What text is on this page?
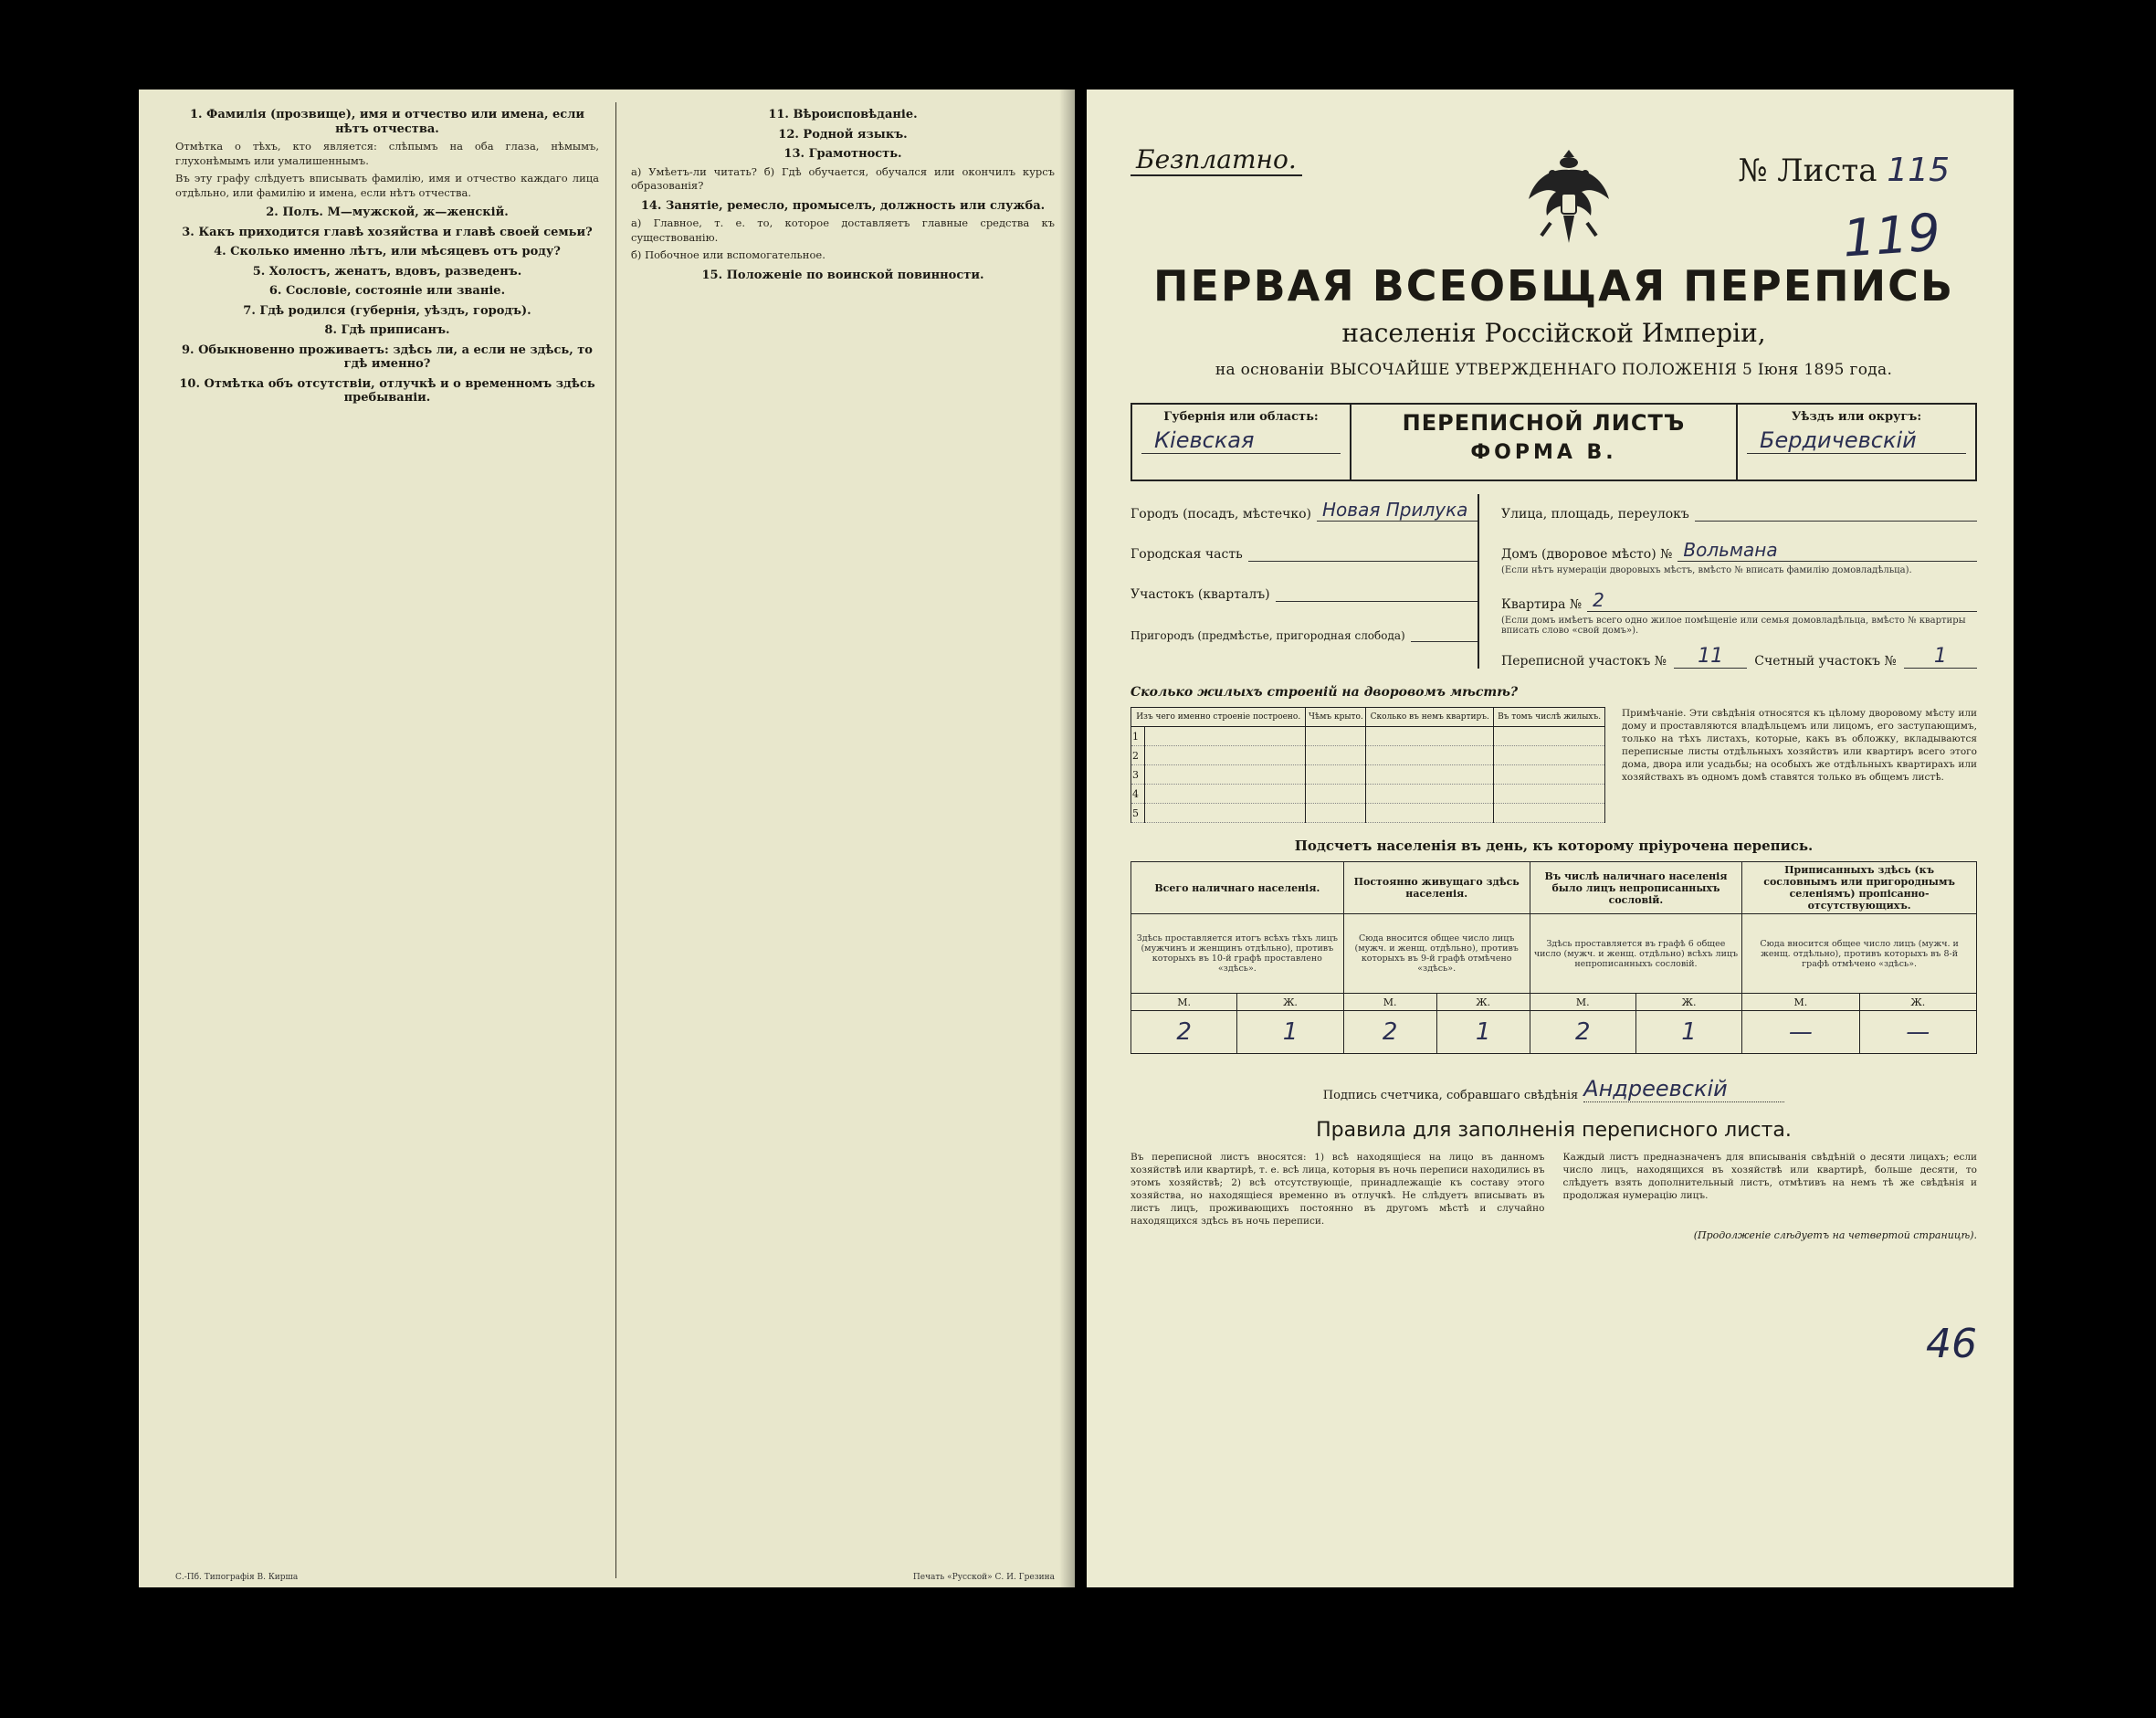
1. Фамилія (прозвище), имя и отчество или имена, если нѣтъ отчества.
Отмѣтка о тѣхъ, кто является: слѣпымъ на оба глаза, нѣмымъ, глухонѣмымъ или умалишеннымъ.
Въ эту графу слѣдуетъ вписывать фамилію, имя и отчество каждаго лица отдѣльно, или фамилію и имена, если нѣтъ отчества.
2. Полъ. М—мужской, ж—женскій.
3. Какъ приходится главѣ хозяйства и главѣ своей семьи?
4. Сколько именно лѣтъ, или мѣсяцевъ отъ роду?
5. Холостъ, женатъ, вдовъ, разведенъ.
6. Сословіе, состояніе или званіе.
7. Гдѣ родился (губернія, уѣздъ, городъ).
8. Гдѣ приписанъ.
9. Обыкновенно проживаетъ: здѣсь ли, а если не здѣсь, то гдѣ именно?
10. Отмѣтка объ отсутствіи, отлучкѣ и о временномъ здѣсь пребываніи.
11. Вѣроисповѣданіе.
12. Родной языкъ.
13. Грамотность.
а) Умѣетъ-ли читать? б) Гдѣ обучается, обучался или окончилъ курсъ образованія?
14. Занятіе, ремесло, промыселъ, должность или служба.
а) Главное, т. е. то, которое доставляетъ главные средства къ существованію.
б) Побочное или вспомогательное.
15. Положеніе по воинской повинности.
С.-Пб. Типографія В. Кирша	Печать «Русской» С. И. Грезина
Безплатно.	№ Листа 115
119
ПЕРВАЯ ВСЕОБЩАЯ ПЕРЕПИСЬ
населенія Россійской Имперіи,
на основаніи ВЫСОЧАЙШЕ УТВЕРЖДЕННАГО ПОЛОЖЕНІЯ 5 Іюня 1895 года.
Губернія или область:
Кіевская
ПЕРЕПИСНОЙ ЛИСТЪ
ФОРМА В.
Уѣздъ или округъ:
Бердичевскій
Городъ (посадъ, мѣстечко) Новая Прилука
Городская часть
Участокъ (кварталъ)
Пригородъ (предмѣстье, пригородная слобода)
Улица, площадь, переулокъ
Домъ (дворовое мѣсто) № Вольмана
(Если нѣтъ нумераціи дворовыхъ мѣстъ, вмѣсто № вписать фамилію домовладѣльца).
Квартира № 2
(Если домъ имѣетъ всего одно жилое помѣщеніе или семья домовладѣльца, вмѣсто № квартиры вписать слово «свой домъ»).
Переписной участокъ №	11	Счетный участокъ №	1
Сколько жилыхъ строеній на дворовомъ мѣстѣ?
Изъ чего именно строеніе построено.		Чѣмъ крыто.	Сколько въ немъ квартиръ.	Въ томъ числѣ жилыхъ.
1				
2				
3				
4				
5				
Примѣчаніе. Эти свѣдѣнія относятся къ цѣлому дворовому мѣсту или дому и проставляются владѣльцемъ или лицомъ, его заступающимъ, только на тѣхъ листахъ, которые, какъ въ обложку, вкладываются переписные листы отдѣльныхъ хозяйствъ или квартиръ всего этого дома, двора или усадьбы; на особыхъ же отдѣльныхъ квартирахъ или хозяйствахъ въ одномъ домѣ ставятся только въ общемъ листѣ.
Подсчетъ населенія въ день, къ которому пріурочена перепись.
Всего наличнаго населенія.		Постоянно живущаго здѣсь населенія.		Въ числѣ наличнаго населенія было лицъ непрописанныхъ сословій.		Приписанныхъ здѣсь (къ сословнымъ или пригороднымъ селеніямъ) пропісанно-отсутствующихъ.	
Здѣсь проставляется итогъ всѣхъ тѣхъ лицъ (мужчинъ и женщинъ отдѣльно), противъ которыхъ въ 10-й графѣ проставлено «здѣсь».		Сюда вносится общее число лицъ (мужч. и женщ. отдѣльно), противъ которыхъ въ 9-й графѣ отмѣчено «здѣсь».		Здѣсь проставляется въ графѣ 6 общее число (мужч. и женщ. отдѣльно) всѣхъ лицъ непрописанныхъ сословій.		Сюда вносится общее число лицъ (мужч. и женщ. отдѣльно), противъ которыхъ въ 8-й графѣ отмѣчено «здѣсь».	
М.	Ж.	М.	Ж.	М.	Ж.	М.	Ж.
2	1	2	1	2	1	—	—
Подпись счетчика, собравшаго свѣдѣнія Андреевскій
46
Правила для заполненія переписного листа.
Въ переписной листъ вносятся: 1) всѣ находящіеся на лицо въ данномъ хозяйствѣ или квартирѣ, т. е. всѣ лица, которыя въ ночь переписи находились въ этомъ хозяйствѣ; 2) всѣ отсутствующіе, принадлежащіе къ составу этого хозяйства, но находящіеся временно въ отлучкѣ. Не слѣдуетъ вписывать въ листъ лицъ, проживающихъ постоянно въ другомъ мѣстѣ и случайно находящихся здѣсь въ ночь переписи.
Каждый листъ предназначенъ для вписыванія свѣдѣній о десяти лицахъ; если число лицъ, находящихся въ хозяйствѣ или квартирѣ, больше десяти, то слѣдуетъ взять дополнительный листъ, отмѣтивъ на немъ тѣ же свѣдѣнія и продолжая нумерацію лицъ.
(Продолженіе слѣдуетъ на четвертой страницѣ).
